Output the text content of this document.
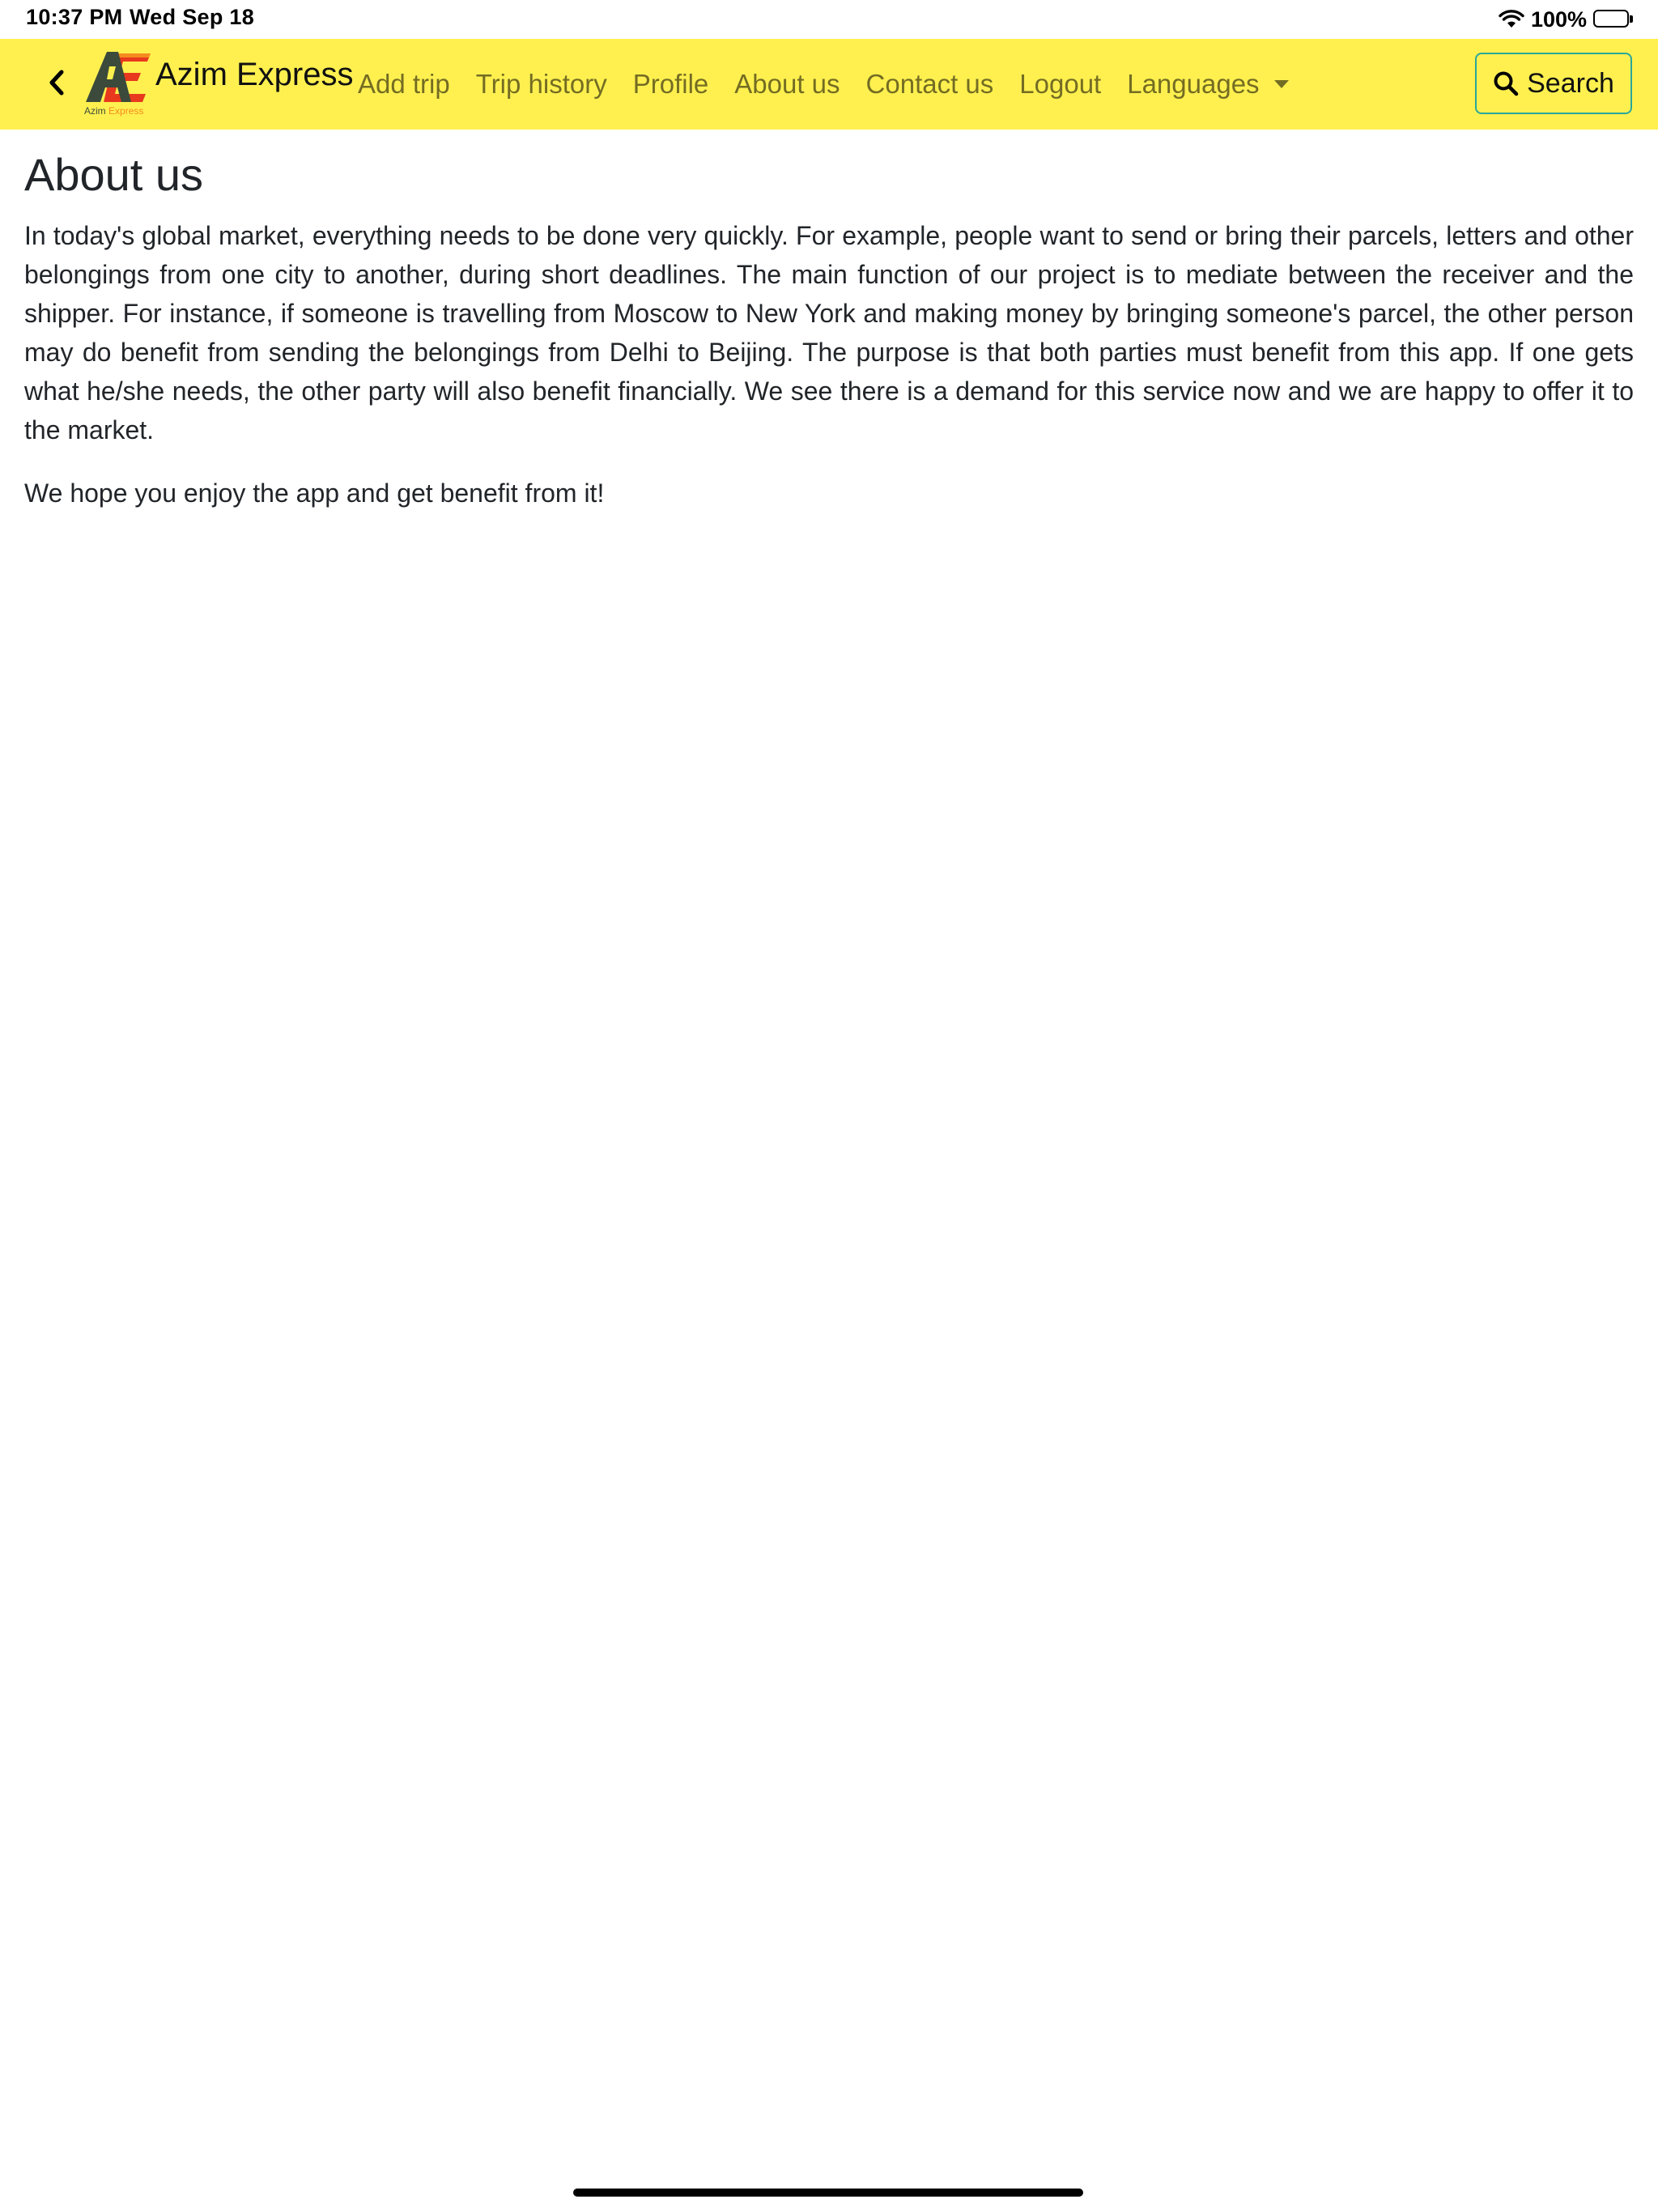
10:37 PM Wed Sep 18	100%
Azim Express
Azim Express Add trip Trip history Profile About us Contact us Logout Languages	Search
About us

In today's global market, everything needs to be done very quickly. For example, people want to send or bring their parcels, letters and other belongings from one city to another, during short deadlines. The main function of our project is to mediate between the receiver and the shipper. For instance, if someone is travelling from Moscow to New York and making money by bringing someone's parcel, the other person may do benefit from sending the belongings from Delhi to Beijing. The purpose is that both parties must benefit from this app. If one gets what he/she needs, the other party will also benefit financially. We see there is a demand for this service now and we are happy to offer it to the market.

We hope you enjoy the app and get benefit from it!
